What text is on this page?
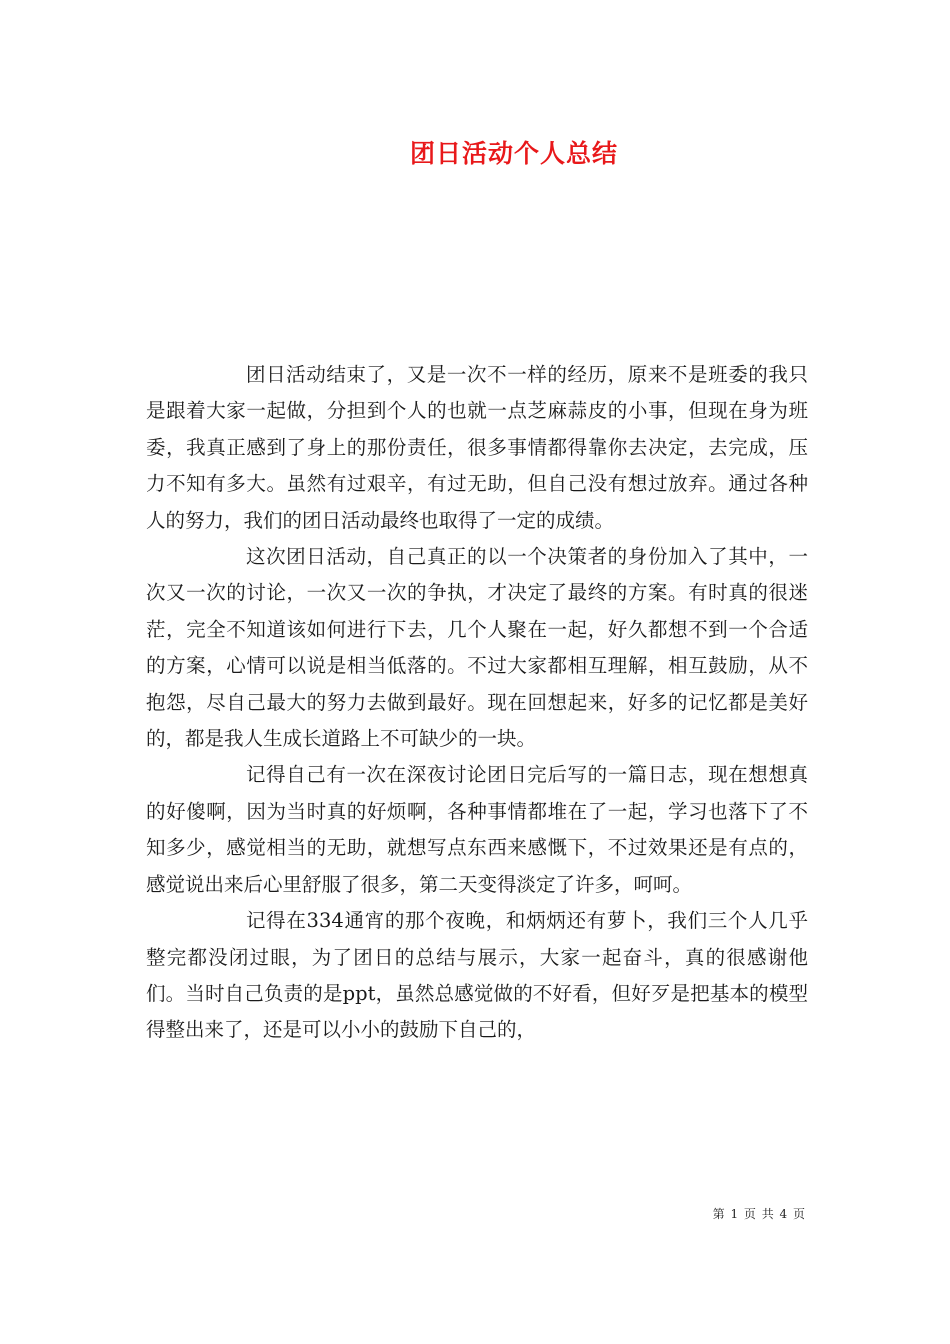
团日活动个人总结

团日活动结束了，又是一次不一样的经历，原来不是班委的我只是跟着大家一起做，分担到个人的也就一点芝麻蒜皮的小事，但现在身为班委，我真正感到了身上的那份责任，很多事情都得靠你去决定，去完成，压力不知有多大。虽然有过艰辛，有过无助，但自己没有想过放弃。通过各种人的努力，我们的团日活动最终也取得了一定的成绩。

这次团日活动，自己真正的以一个决策者的身份加入了其中，一次又一次的讨论，一次又一次的争执，才决定了最终的方案。有时真的很迷茫，完全不知道该如何进行下去，几个人聚在一起，好久都想不到一个合适的方案，心情可以说是相当低落的。不过大家都相互理解，相互鼓励，从不抱怨，尽自己最大的努力去做到最好。现在回想起来，好多的记忆都是美好的，都是我人生成长道路上不可缺少的一块。

记得自己有一次在深夜讨论团日完后写的一篇日志，现在想想真的好傻啊，因为当时真的好烦啊，各种事情都堆在了一起，学习也落下了不知多少，感觉相当的无助，就想写点东西来感慨下，不过效果还是有点的，感觉说出来后心里舒服了很多，第二天变得淡定了许多，呵呵。

记得在334通宵的那个夜晚，和炳炳还有萝卜，我们三个人几乎整完都没闭过眼，为了团日的总结与展示，大家一起奋斗，真的很感谢他们。当时自己负责的是ppt，虽然总感觉做的不好看，但好歹是把基本的模型得整出来了，还是可以小小的鼓励下自己的，

第 1 页 共 4 页
